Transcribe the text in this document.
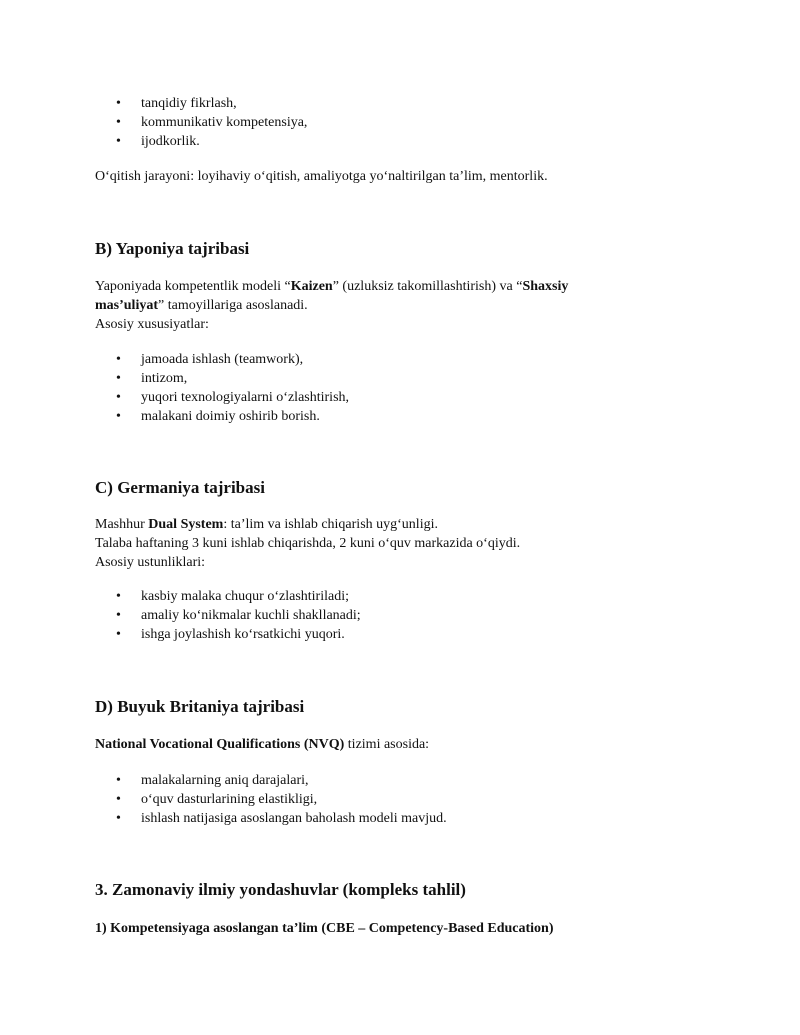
• tanqidiy fikrlash,
• kommunikativ kompetensiya,
• ijodkorlik.
O‘qitish jarayoni: loyihaviy o‘qitish, amaliyotga yo‘naltirilgan ta’lim, mentorlik.
B) Yaponiya tajribasi
Yaponiyada kompetentlik modeli “Kaizen” (uzluksiz takomillashtirish) va “Shaxsiy
mas’uliyat” tamoyillariga asoslanadi.
Asosiy xususiyatlar:
• jamoada ishlash (teamwork),
• intizom,
• yuqori texnologiyalarni o‘zlashtirish,
• malakani doimiy oshirib borish.
C) Germaniya tajribasi
Mashhur Dual System: ta’lim va ishlab chiqarish uyg‘unligi.
Talaba haftaning 3 kuni ishlab chiqarishda, 2 kuni o‘quv markazida o‘qiydi.
Asosiy ustunliklari:
• kasbiy malaka chuqur o‘zlashtiriladi;
• amaliy ko‘nikmalar kuchli shakllanadi;
• ishga joylashish ko‘rsatkichi yuqori.
D) Buyuk Britaniya tajribasi
National Vocational Qualifications (NVQ) tizimi asosida:
• malakalarning aniq darajalari,
• o‘quv dasturlarining elastikligi,
• ishlash natijasiga asoslangan baholash modeli mavjud.
3. Zamonaviy ilmiy yondashuvlar (kompleks tahlil)
1) Kompetensiyaga asoslangan ta’lim (CBE – Competency-Based Education)
